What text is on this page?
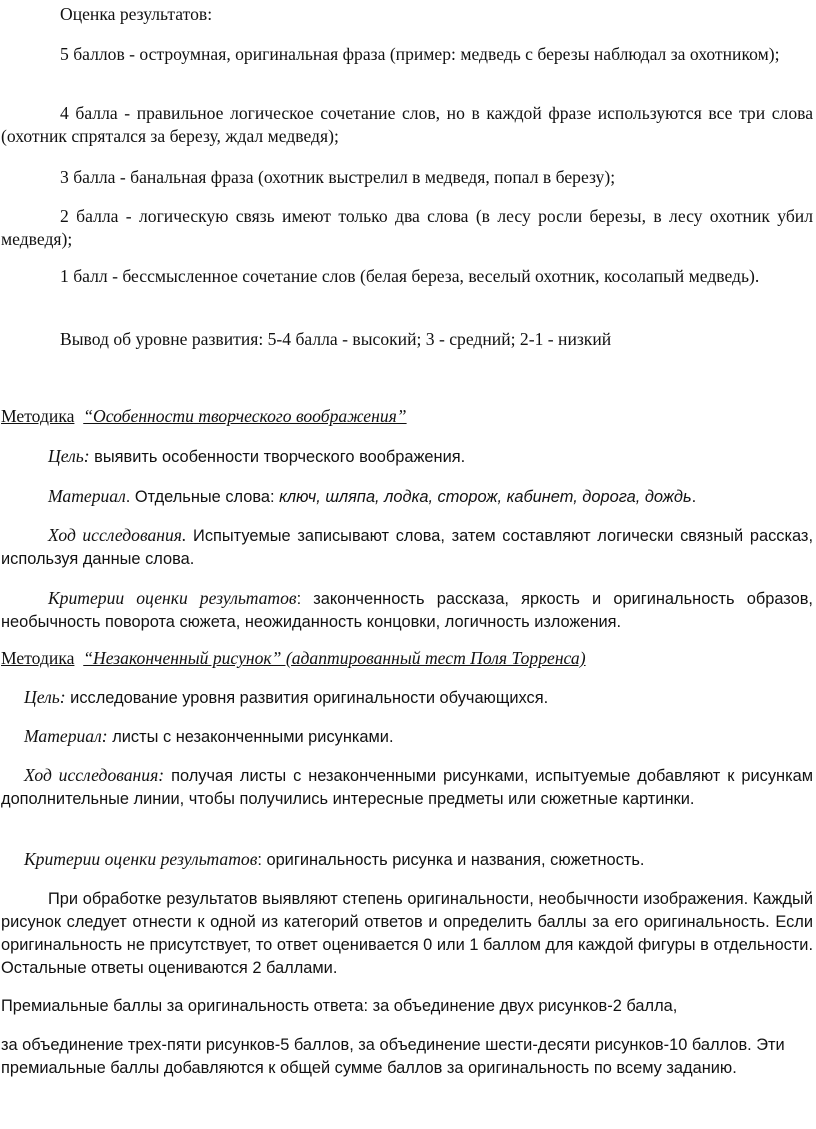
Оценка результатов:

5 баллов - остроумная, оригинальная фраза (пример: медведь с березы наблюдал за охотником);

4 балла - правильное логическое сочетание слов, но в каждой фразе используются все три слова (охотник спрятался за березу, ждал медведя);

3 балла - банальная фраза (охотник выстрелил в медведя, попал в березу);

2 балла - логическую связь имеют только два слова (в лесу росли березы, в лесу охотник убил медведя);

1 балл - бессмысленное сочетание слов (белая береза, веселый охотник, косолапый медведь).

Вывод об уровне развития: 5-4 балла - высокий; 3 - средний; 2-1 - низкий

Методика “Особенности творческого воображения”

Цель: выявить особенности творческого воображения.

Материал. Отдельные слова: ключ, шляпа, лодка, сторож, кабинет, дорога, дождь.

Ход исследования. Испытуемые записывают слова, затем составляют логически связный рассказ, используя данные слова.

Критерии оценки результатов: законченность рассказа, яркость и оригинальность образов, необычность поворота сюжета, неожиданность концовки, логичность изложения.

Методика “Незаконченный рисунок” (адаптированный тест Поля Торренса)

Цель: исследование уровня развития оригинальности обучающихся.

Материал: листы с незаконченными рисунками.

Ход исследования: получая листы с незаконченными рисунками, испытуемые добавляют к рисункам дополнительные линии, чтобы получились интересные предметы или сюжетные картинки.

Критерии оценки результатов: оригинальность рисунка и названия, сюжетность.

При обработке результатов выявляют степень оригинальности, необычности изображения. Каждый рисунок следует отнести к одной из категорий ответов и определить баллы за его оригинальность. Если оригинальность не присутствует, то ответ оценивается 0 или 1 баллом для каждой фигуры в отдельности. Остальные ответы оцениваются 2 баллами.

Премиальные баллы за оригинальность ответа: за объединение двух рисунков-2 балла,

за объединение трех-пяти рисунков-5 баллов, за объединение шести-десяти рисунков-10 баллов. Эти премиальные баллы добавляются к общей сумме баллов за оригинальность по всему заданию.
